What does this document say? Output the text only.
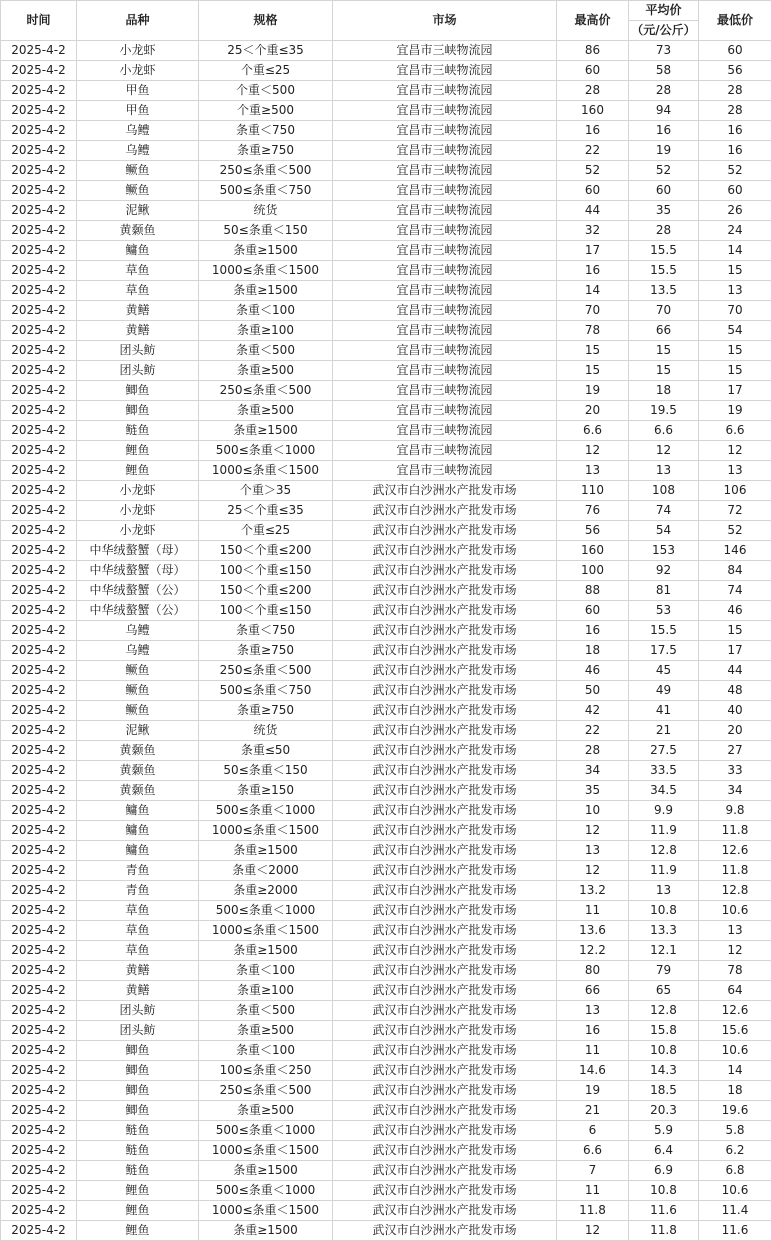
时间	品种	规格	市场	最高价	平均价	最低价
					（元/公斤）	
2025-4-2	小龙虾	25＜个重≤35	宜昌市三峡物流园	86	73	60
2025-4-2	小龙虾	个重≤25	宜昌市三峡物流园	60	58	56
2025-4-2	甲鱼	个重＜500	宜昌市三峡物流园	28	28	28
2025-4-2	甲鱼	个重≥500	宜昌市三峡物流园	160	94	28
2025-4-2	乌鳢	条重＜750	宜昌市三峡物流园	16	16	16
2025-4-2	乌鳢	条重≥750	宜昌市三峡物流园	22	19	16
2025-4-2	鳜鱼	250≤条重＜500	宜昌市三峡物流园	52	52	52
2025-4-2	鳜鱼	500≤条重＜750	宜昌市三峡物流园	60	60	60
2025-4-2	泥鳅	统货	宜昌市三峡物流园	44	35	26
2025-4-2	黄颡鱼	50≤条重＜150	宜昌市三峡物流园	32	28	24
2025-4-2	鳙鱼	条重≥1500	宜昌市三峡物流园	17	15.5	14
2025-4-2	草鱼	1000≤条重＜1500	宜昌市三峡物流园	16	15.5	15
2025-4-2	草鱼	条重≥1500	宜昌市三峡物流园	14	13.5	13
2025-4-2	黄鳝	条重＜100	宜昌市三峡物流园	70	70	70
2025-4-2	黄鳝	条重≥100	宜昌市三峡物流园	78	66	54
2025-4-2	团头鲂	条重＜500	宜昌市三峡物流园	15	15	15
2025-4-2	团头鲂	条重≥500	宜昌市三峡物流园	15	15	15
2025-4-2	鲫鱼	250≤条重＜500	宜昌市三峡物流园	19	18	17
2025-4-2	鲫鱼	条重≥500	宜昌市三峡物流园	20	19.5	19
2025-4-2	鲢鱼	条重≥1500	宜昌市三峡物流园	6.6	6.6	6.6
2025-4-2	鲤鱼	500≤条重＜1000	宜昌市三峡物流园	12	12	12
2025-4-2	鲤鱼	1000≤条重＜1500	宜昌市三峡物流园	13	13	13
2025-4-2	小龙虾	个重＞35	武汉市白沙洲水产批发市场	110	108	106
2025-4-2	小龙虾	25＜个重≤35	武汉市白沙洲水产批发市场	76	74	72
2025-4-2	小龙虾	个重≤25	武汉市白沙洲水产批发市场	56	54	52
2025-4-2	中华绒螯蟹（母）	150＜个重≤200	武汉市白沙洲水产批发市场	160	153	146
2025-4-2	中华绒螯蟹（母）	100＜个重≤150	武汉市白沙洲水产批发市场	100	92	84
2025-4-2	中华绒螯蟹（公）	150＜个重≤200	武汉市白沙洲水产批发市场	88	81	74
2025-4-2	中华绒螯蟹（公）	100＜个重≤150	武汉市白沙洲水产批发市场	60	53	46
2025-4-2	乌鳢	条重＜750	武汉市白沙洲水产批发市场	16	15.5	15
2025-4-2	乌鳢	条重≥750	武汉市白沙洲水产批发市场	18	17.5	17
2025-4-2	鳜鱼	250≤条重＜500	武汉市白沙洲水产批发市场	46	45	44
2025-4-2	鳜鱼	500≤条重＜750	武汉市白沙洲水产批发市场	50	49	48
2025-4-2	鳜鱼	条重≥750	武汉市白沙洲水产批发市场	42	41	40
2025-4-2	泥鳅	统货	武汉市白沙洲水产批发市场	22	21	20
2025-4-2	黄颡鱼	条重≤50	武汉市白沙洲水产批发市场	28	27.5	27
2025-4-2	黄颡鱼	50≤条重＜150	武汉市白沙洲水产批发市场	34	33.5	33
2025-4-2	黄颡鱼	条重≥150	武汉市白沙洲水产批发市场	35	34.5	34
2025-4-2	鳙鱼	500≤条重＜1000	武汉市白沙洲水产批发市场	10	9.9	9.8
2025-4-2	鳙鱼	1000≤条重＜1500	武汉市白沙洲水产批发市场	12	11.9	11.8
2025-4-2	鳙鱼	条重≥1500	武汉市白沙洲水产批发市场	13	12.8	12.6
2025-4-2	青鱼	条重＜2000	武汉市白沙洲水产批发市场	12	11.9	11.8
2025-4-2	青鱼	条重≥2000	武汉市白沙洲水产批发市场	13.2	13	12.8
2025-4-2	草鱼	500≤条重＜1000	武汉市白沙洲水产批发市场	11	10.8	10.6
2025-4-2	草鱼	1000≤条重＜1500	武汉市白沙洲水产批发市场	13.6	13.3	13
2025-4-2	草鱼	条重≥1500	武汉市白沙洲水产批发市场	12.2	12.1	12
2025-4-2	黄鳝	条重＜100	武汉市白沙洲水产批发市场	80	79	78
2025-4-2	黄鳝	条重≥100	武汉市白沙洲水产批发市场	66	65	64
2025-4-2	团头鲂	条重＜500	武汉市白沙洲水产批发市场	13	12.8	12.6
2025-4-2	团头鲂	条重≥500	武汉市白沙洲水产批发市场	16	15.8	15.6
2025-4-2	鲫鱼	条重＜100	武汉市白沙洲水产批发市场	11	10.8	10.6
2025-4-2	鲫鱼	100≤条重＜250	武汉市白沙洲水产批发市场	14.6	14.3	14
2025-4-2	鲫鱼	250≤条重＜500	武汉市白沙洲水产批发市场	19	18.5	18
2025-4-2	鲫鱼	条重≥500	武汉市白沙洲水产批发市场	21	20.3	19.6
2025-4-2	鲢鱼	500≤条重＜1000	武汉市白沙洲水产批发市场	6	5.9	5.8
2025-4-2	鲢鱼	1000≤条重＜1500	武汉市白沙洲水产批发市场	6.6	6.4	6.2
2025-4-2	鲢鱼	条重≥1500	武汉市白沙洲水产批发市场	7	6.9	6.8
2025-4-2	鲤鱼	500≤条重＜1000	武汉市白沙洲水产批发市场	11	10.8	10.6
2025-4-2	鲤鱼	1000≤条重＜1500	武汉市白沙洲水产批发市场	11.8	11.6	11.4
2025-4-2	鲤鱼	条重≥1500	武汉市白沙洲水产批发市场	12	11.8	11.6
